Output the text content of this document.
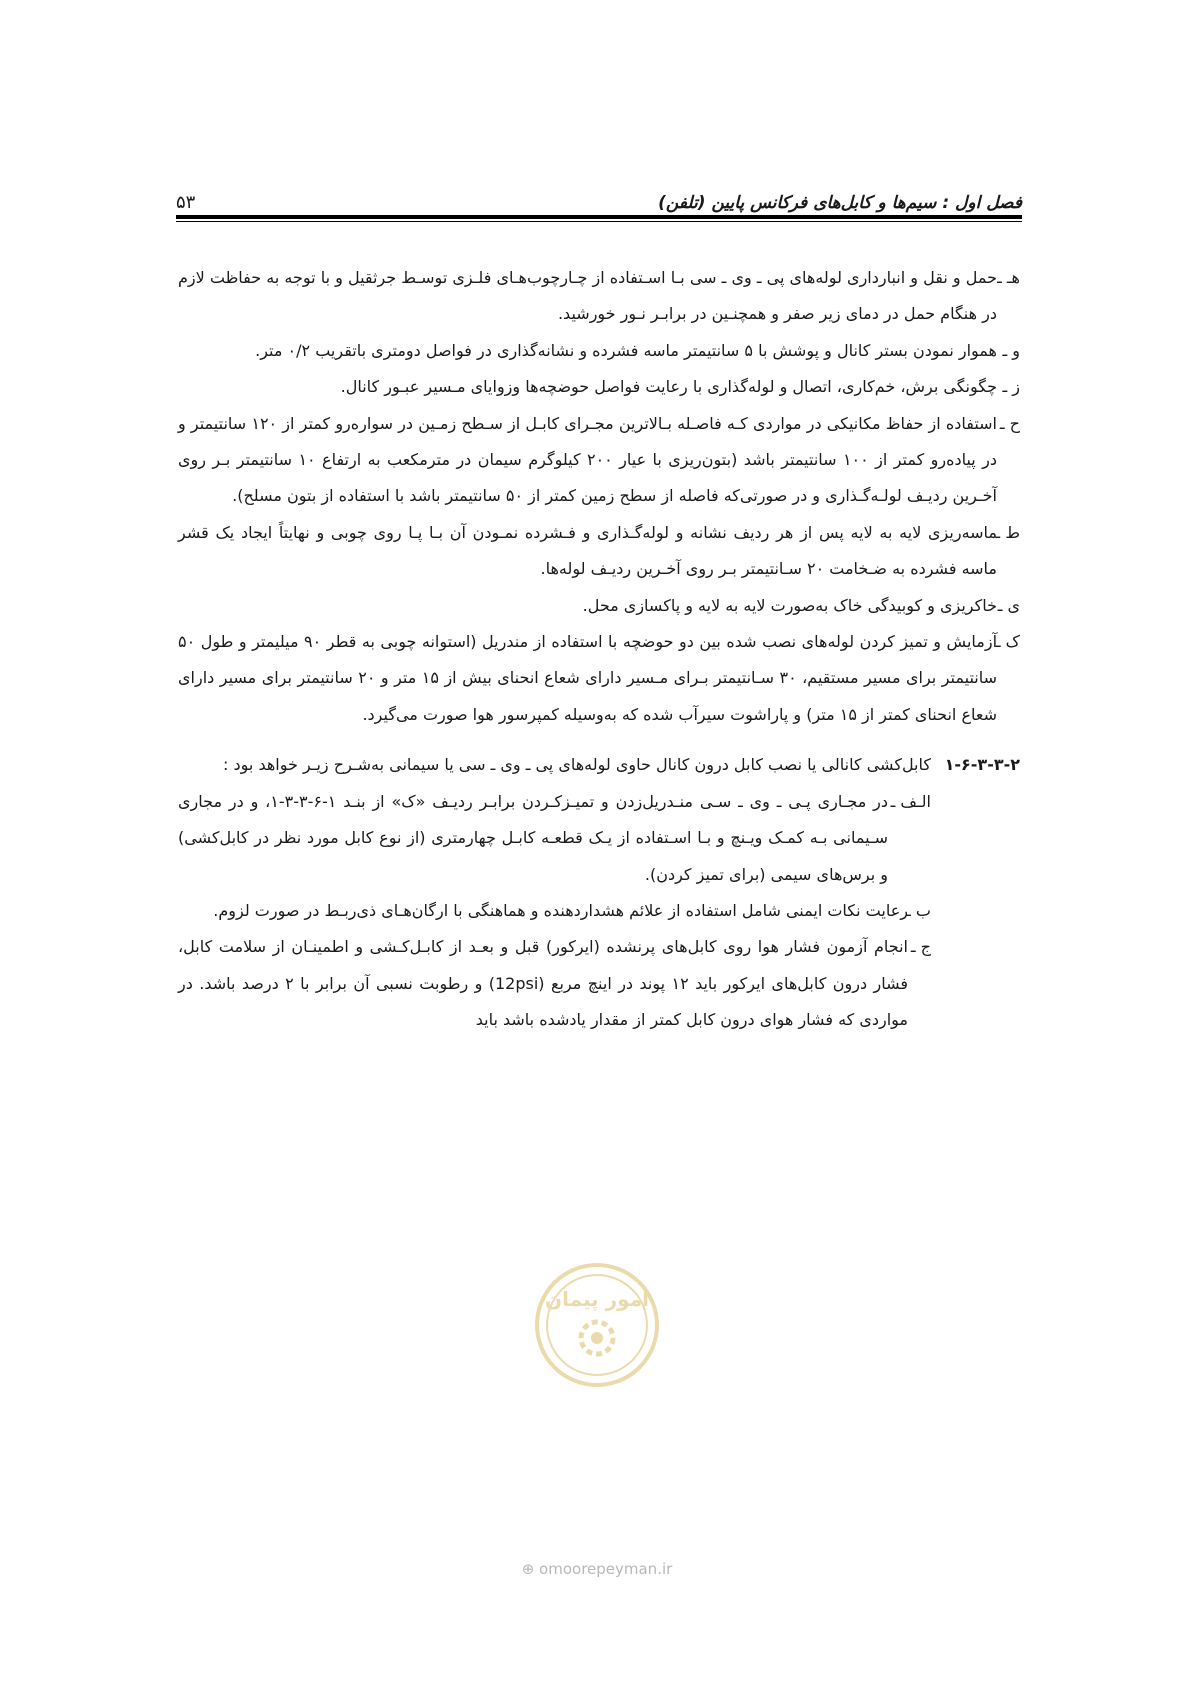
فصل اول : سیم‌ها و کابل‌های فرکانس پایین (تلفن)
۵۳
هـ ـ
حمل و نقل و انبارداری لوله‌های پی ـ وی ـ سی بـا اسـتفاده از چـارچوب‌هـای فلـزی توسـط جرثقیل و با توجه به حفاظت لازم در هنگام حمل در دمای زیر صفر و همچنـین در برابـر نـور خورشید.
و ـ
هموار نمودن بستر کانال و پوشش با ۵ سانتیمتر ماسه فشرده و نشانه‌گذاری در فواصل دومتری باتقریب ۰/۲ متر.
ز ـ
چگونگی برش، خم‌کاری، اتصال و لوله‌گذاری با رعایت فواصل حوضچه‌ها وزوایای مـسیر عبـور کانال.
ح ـ
استفاده از حفاظ مکانیکی در مواردی کـه فاصـله بـالاترین مجـرای کابـل از سـطح زمـین در سواره‌رو کمتر از ۱۲۰ سانتیمتر و در پیاده‌رو کمتر از ۱۰۰ سانتیمتر باشد (بتون‌ریزی با عیار ۲۰۰ کیلوگرم سیمان در مترمکعب به ارتفاع ۱۰ سانتیمتر بـر روی آخـرین ردیـف لولـه‌گـذاری و در صورتی‌که فاصله از سطح زمین کمتر از ۵۰ سانتیمتر باشد با استفاده از بتون مسلح).
ط ـ
ماسه‌ریزی لایه به لایه پس از هر ردیف نشانه و لوله‌گـذاری و فـشرده نمـودن آن بـا پـا روی چوبی و نهایتاً ایجاد یک قشر ماسه فشرده به ضـخامت ۲۰ سـانتیمتر بـر روی آخـرین ردیـف لوله‌ها.
ی ـ
خاکریزی و کوبیدگی خاک به‌صورت لایه به لایه و پاکسازی محل.
ک ـ
آزمایش و تمیز کردن لوله‌های نصب شده بین دو حوضچه با استفاده از مندریل (استوانه چوبی به قطر ۹۰ میلیمتر و طول ۵۰ سانتیمتر برای مسیر مستقیم، ۳۰ سـانتیمتر بـرای مـسیر دارای شعاع انحنای بیش از ۱۵ متر و ۲۰ سانتیمتر برای مسیر دارای شعاع انحنای کمتر از ۱۵ متر) و پاراشوت سیرآب شده که به‌وسیله کمپرسور هوا صورت می‌گیرد.
۱-۶-۳-۳-۲
کابل‌کشی کانالی یا نصب کابل درون کانال حاوی لوله‌های پی ـ وی ـ سی یا سیمانی به‌شـرح زیـر خواهد بود :
الـف ـ
در مجـاری پـی ـ وی ـ سـی منـدریل‌زدن و تمیـزکـردن برابـر ردیـف «ک» از بنـد ۱-۶-۳-۳-۱، و در مجاری سـیمانی بـه کمـک ویـنچ و بـا اسـتفاده از یـک قطعـه کابـل چهارمتری (از نوع کابل مورد نظر در کابل‌کشی) و برس‌های سیمی (برای تمیز کردن).
ب ـ
رعایت نکات ایمنی شامل استفاده از علائم هشداردهنده و هماهنگی با ارگان‌هـای ذی‌ربـط در صورت لزوم.
ج ـ
انجام آزمون فشار هوا روی کابل‌های پرنشده (ایرکور) قبل و بعـد از کابـل‌کـشی و اطمینـان از سلامت کابل، فشار درون کابل‌های ایرکور باید ۱۲ پوند در اینچ مربع (12psi) و رطوبت نسبی آن برابر با ۲ درصد باشد. در مواردی که فشار هوای درون کابل کمتر از مقدار یادشده باشد باید
امور پیمان
⊕ omoorepeyman.ir
